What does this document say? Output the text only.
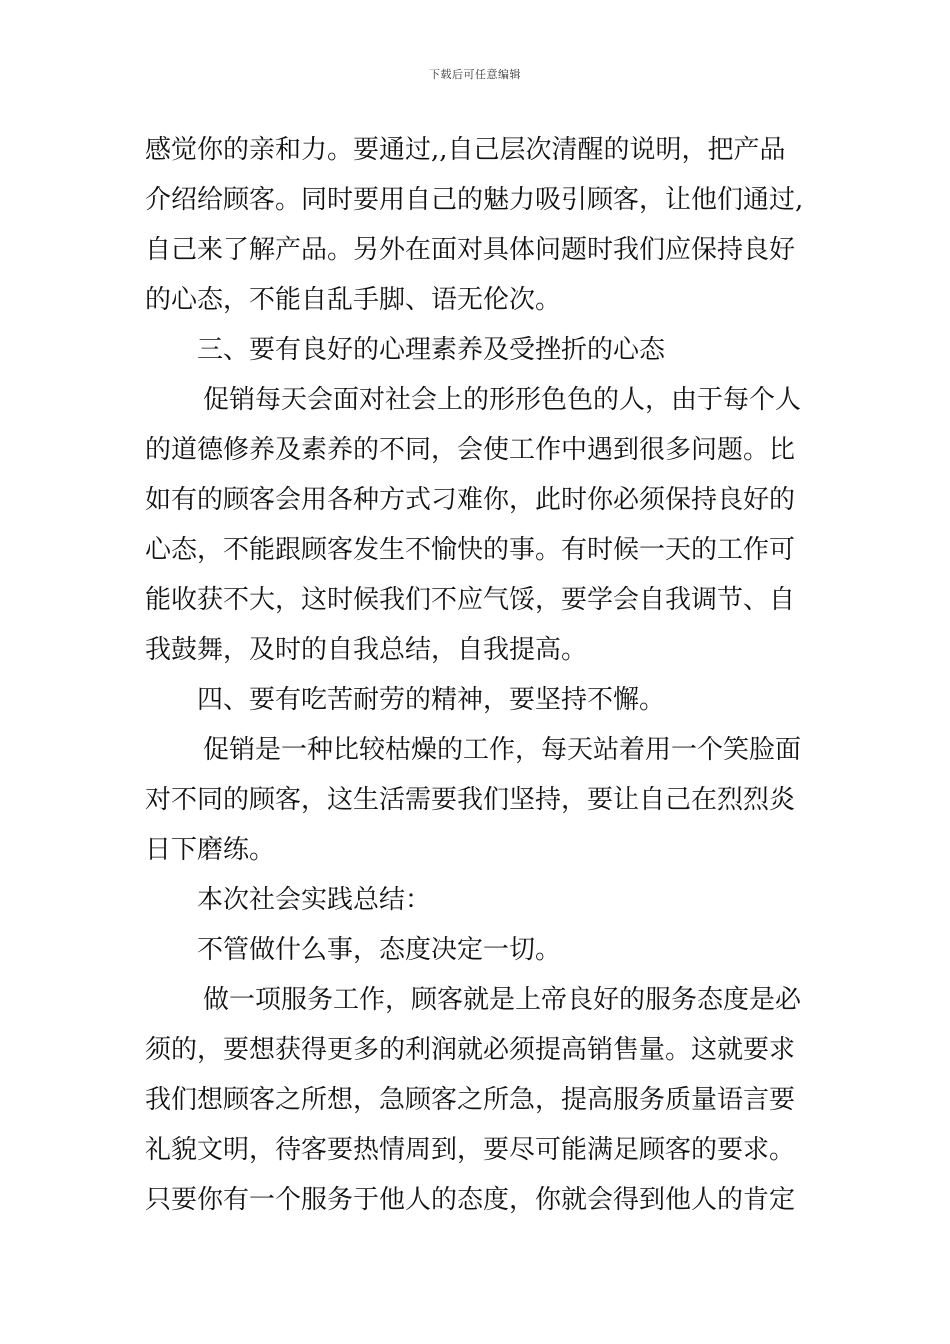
下载后可任意编辑
感觉你的亲和力。要通过,,自己层次清醒的说明，把产品
介绍给顾客。同时要用自己的魅力吸引顾客，让他们通过,
自己来了解产品。另外在面对具体问题时我们应保持良好
的心态，不能自乱手脚、语无伦次。
三、要有良好的心理素养及受挫折的心态
促销每天会面对社会上的形形色色的人，由于每个人
的道德修养及素养的不同，会使工作中遇到很多问题。比
如有的顾客会用各种方式刁难你，此时你必须保持良好的
心态，不能跟顾客发生不愉快的事。有时候一天的工作可
能收获不大，这时候我们不应气馁，要学会自我调节、自
我鼓舞，及时的自我总结，自我提高。
四、要有吃苦耐劳的精神，要坚持不懈。
促销是一种比较枯燥的工作，每天站着用一个笑脸面
对不同的顾客，这生活需要我们坚持，要让自己在烈烈炎
日下磨练。
本次社会实践总结：
不管做什么事，态度决定一切。
做一项服务工作，顾客就是上帝良好的服务态度是必
须的，要想获得更多的利润就必须提高销售量。这就要求
我们想顾客之所想，急顾客之所急，提高服务质量语言要
礼貌文明，待客要热情周到，要尽可能满足顾客的要求。
只要你有一个服务于他人的态度，你就会得到他人的肯定
